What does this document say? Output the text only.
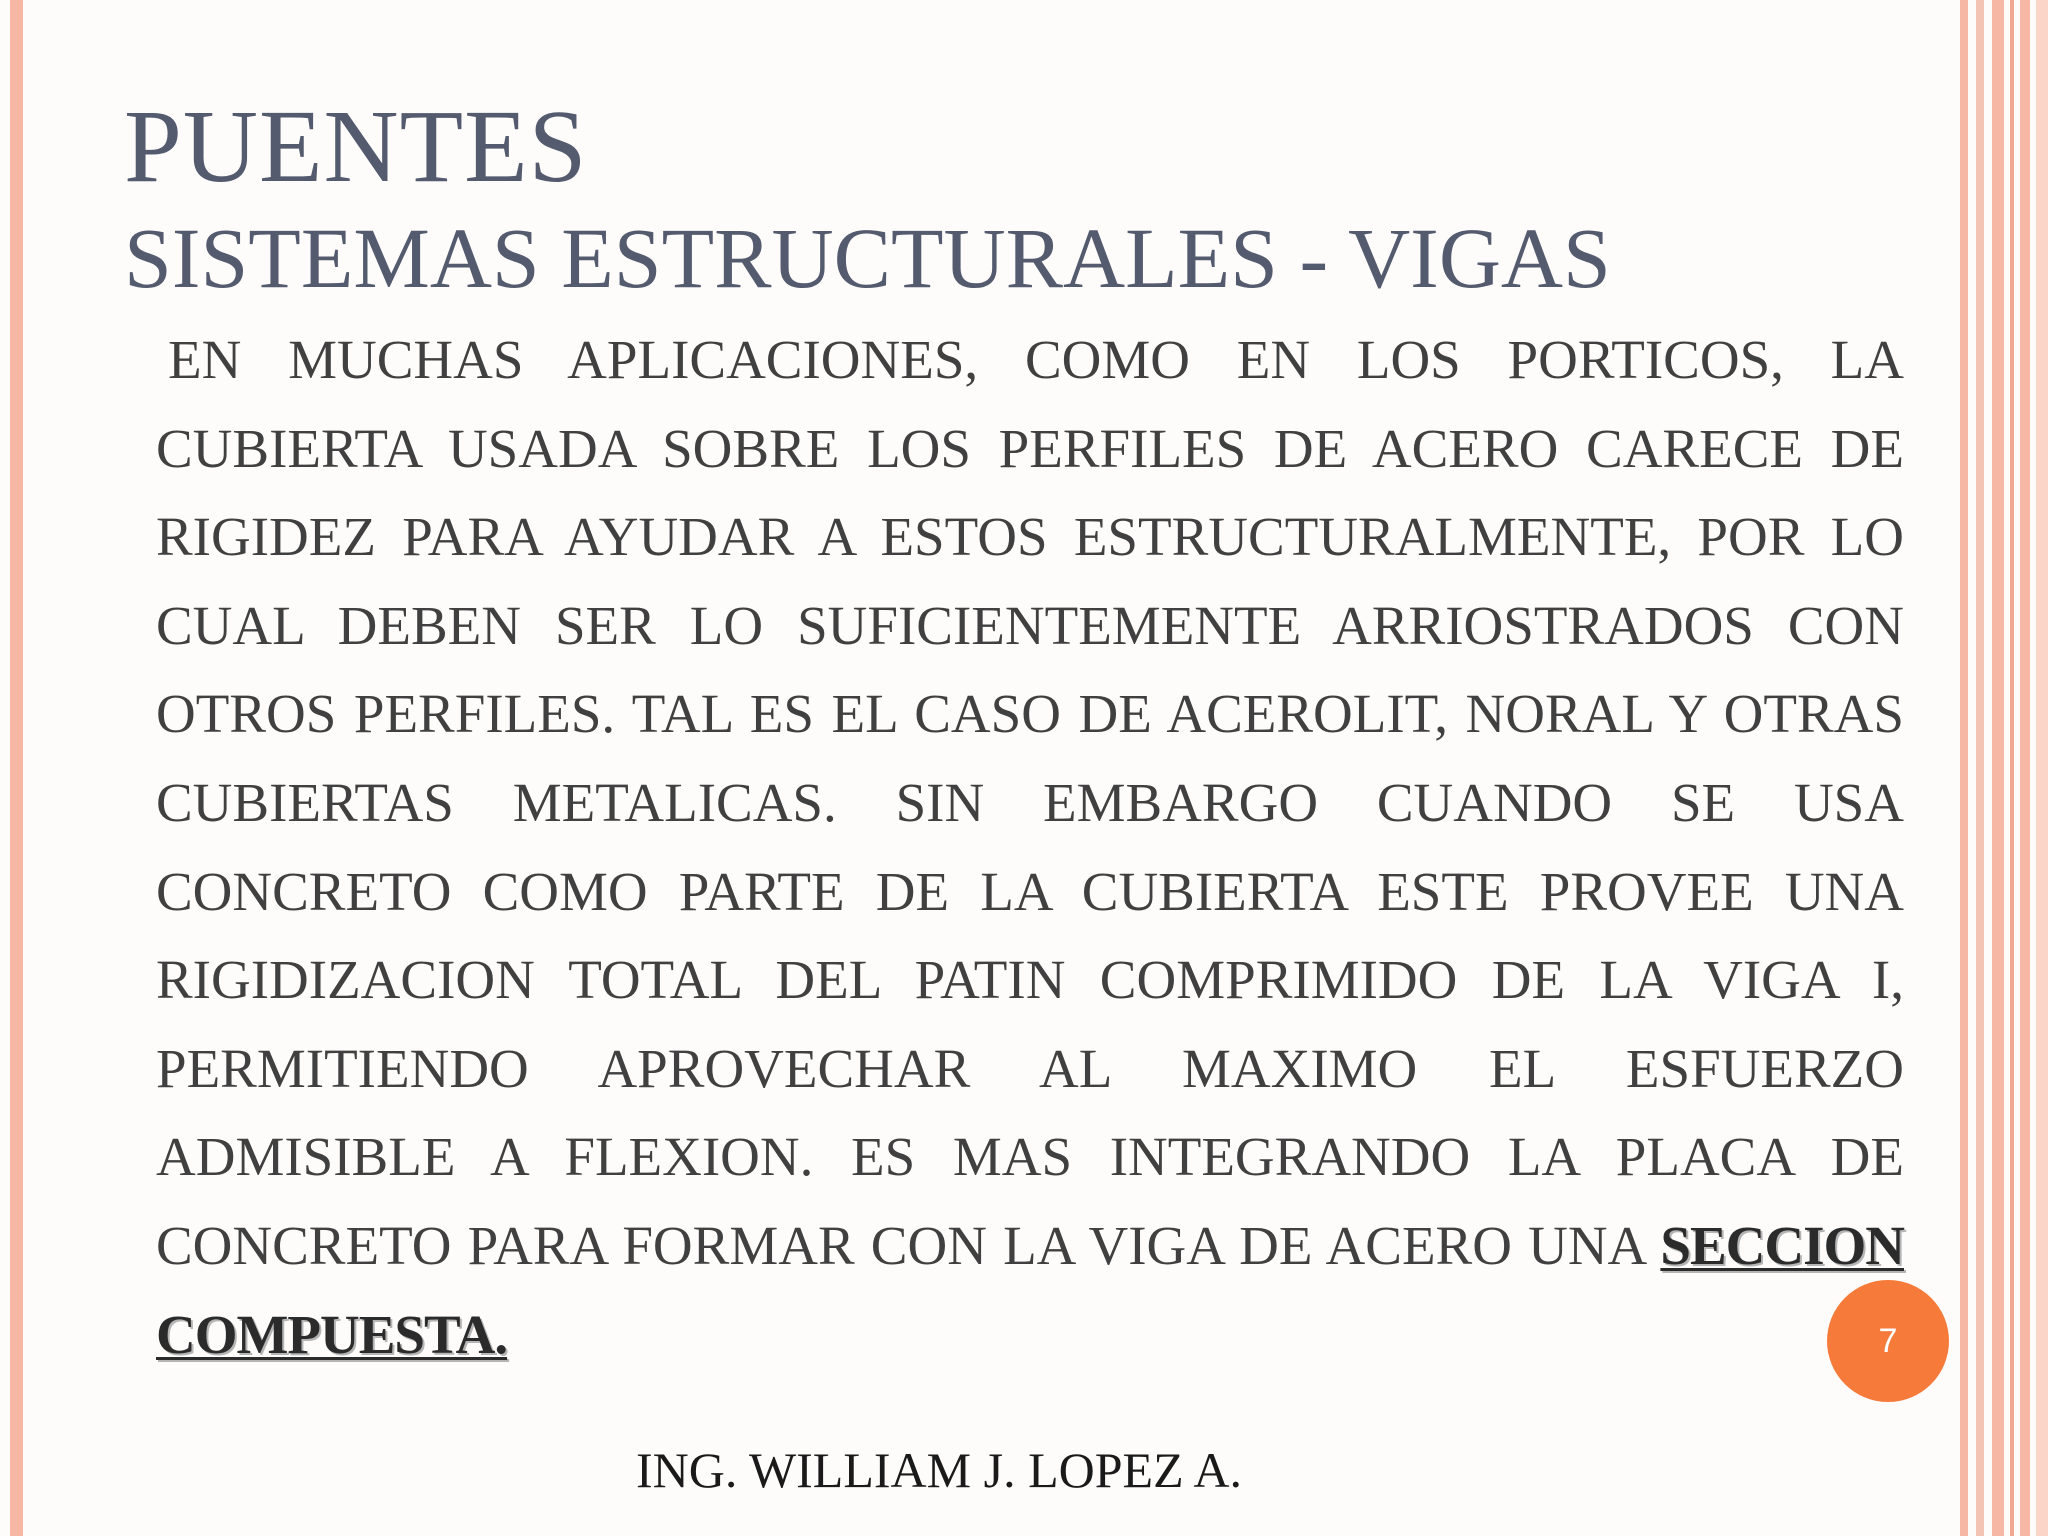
PUENTES
SISTEMAS ESTRUCTURALES - VIGAS

EN MUCHAS APLICACIONES, COMO EN LOS PORTICOS, LA CUBIERTA USADA SOBRE LOS PERFILES DE ACERO CARECE DE RIGIDEZ PARA AYUDAR A ESTOS ESTRUCTURALMENTE, POR LO CUAL DEBEN SER LO SUFICIENTEMENTE ARRIOSTRADOS CON OTROS PERFILES. TAL ES EL CASO DE ACEROLIT, NORAL Y OTRAS CUBIERTAS METALICAS. SIN EMBARGO CUANDO SE USA CONCRETO COMO PARTE DE LA CUBIERTA ESTE PROVEE UNA RIGIDIZACION TOTAL DEL PATIN COMPRIMIDO DE LA VIGA I, PERMITIENDO APROVECHAR AL MAXIMO EL ESFUERZO ADMISIBLE A FLEXION. ES MAS INTEGRANDO LA PLACA DE CONCRETO PARA FORMAR CON LA VIGA DE ACERO UNA SECCION COMPUESTA.	7

ING. WILLIAM J. LOPEZ A.
